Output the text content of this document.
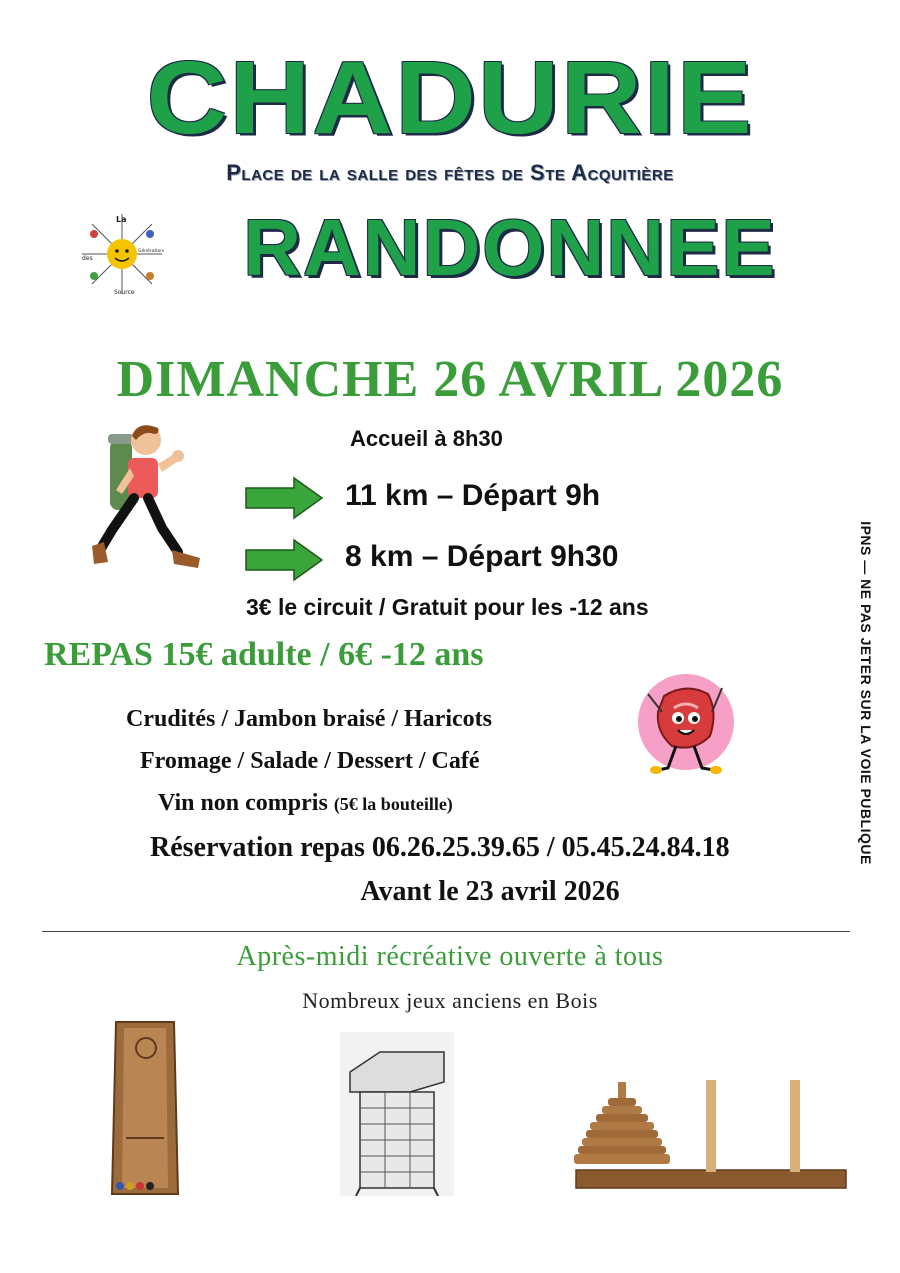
CHADURIE
Place de la salle des fêtes de Ste Acquitière
La
des
Générations
Source
RANDONNEE
DIMANCHE 26 AVRIL 2026
Accueil à 8h30
11 km – Départ 9h
8 km – Départ 9h30
3€ le circuit / Gratuit pour les -12 ans
REPAS 15€ adulte / 6€ -12 ans
Crudités / Jambon braisé / Haricots
Fromage / Salade / Dessert / Café
Vin non compris (5€ la bouteille)
Réservation repas 06.26.25.39.65 / 05.45.24.84.18
Avant le 23 avril 2026
IPNS — NE PAS JETER SUR LA VOIE PUBLIQUE
Après-midi récréative ouverte à tous
Nombreux jeux anciens en Bois
